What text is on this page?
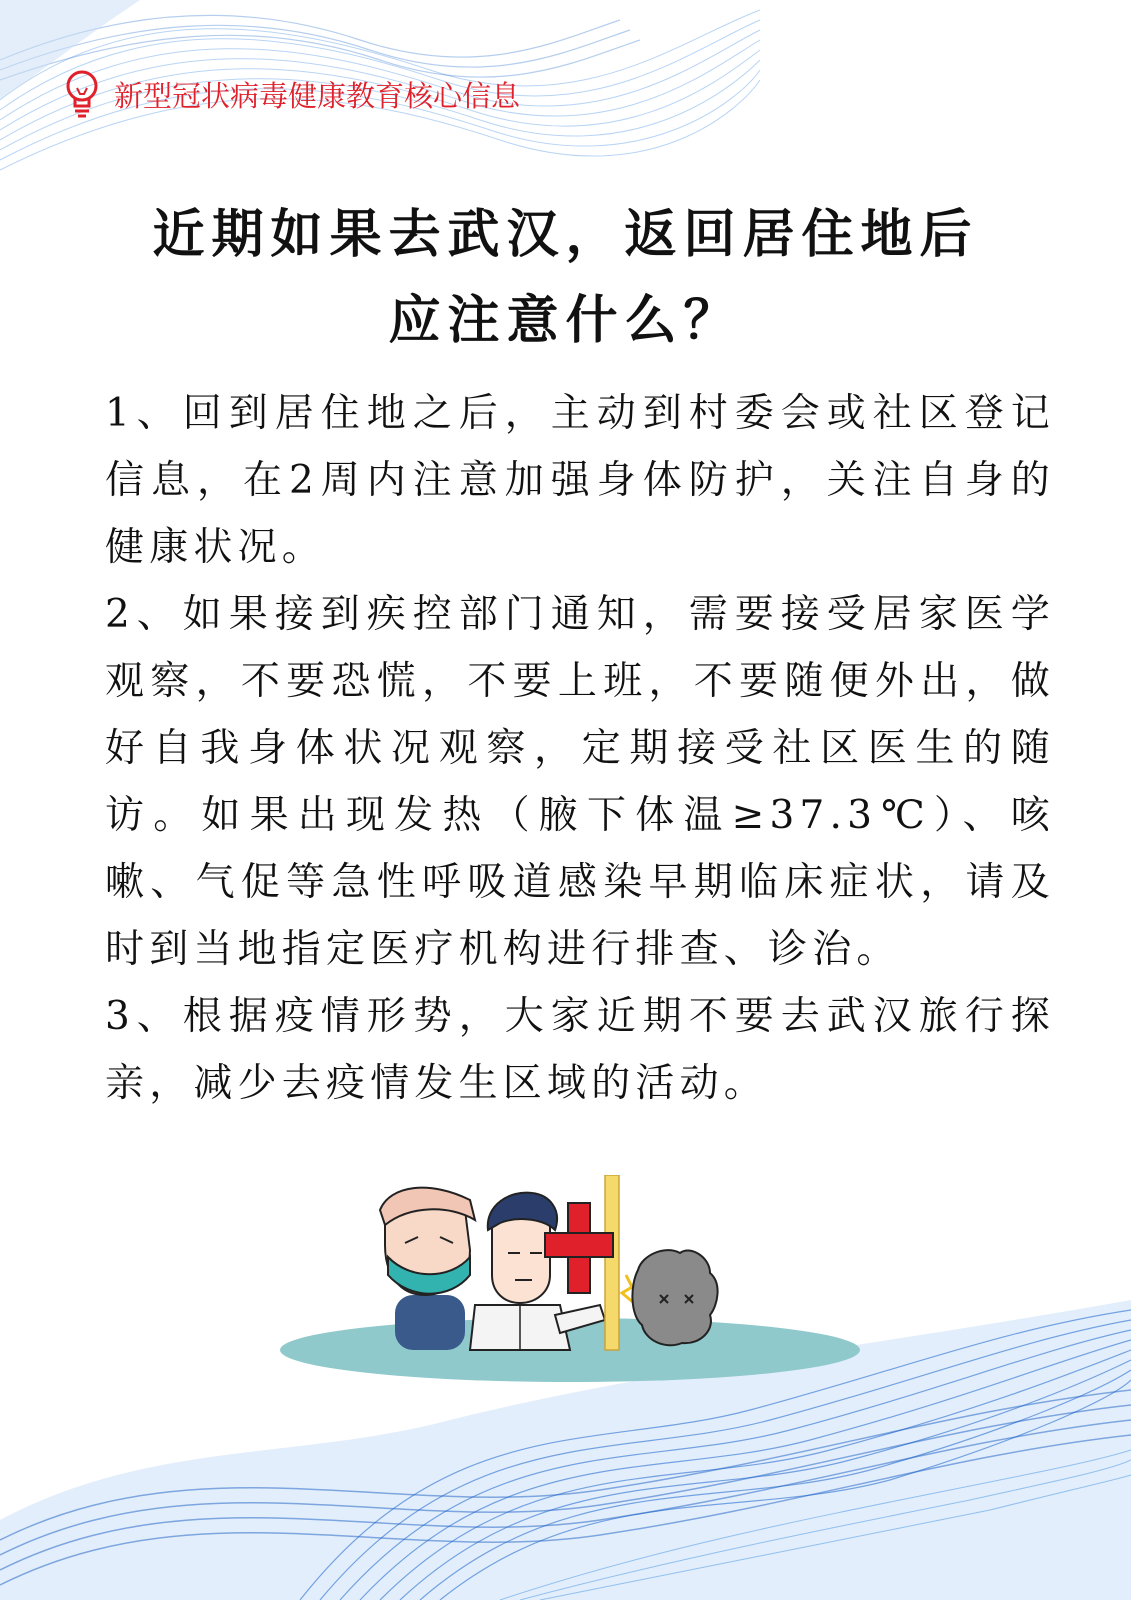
新型冠状病毒健康教育核心信息
近期如果去武汉，返回居住地后
应注意什么？

1、回到居住地之后，主动到村委会或社区登记信息，在2周内注意加强身体防护，关注自身的健康状况。

2、如果接到疾控部门通知，需要接受居家医学观察，不要恐慌，不要上班，不要随便外出，做好自我身体状况观察，定期接受社区医生的随访。如果出现发热（腋下体温≥37.3℃）、咳嗽、气促等急性呼吸道感染早期临床症状，请及时到当地指定医疗机构进行排查、诊治。

3、根据疫情形势，大家近期不要去武汉旅行探亲，减少去疫情发生区域的活动。
